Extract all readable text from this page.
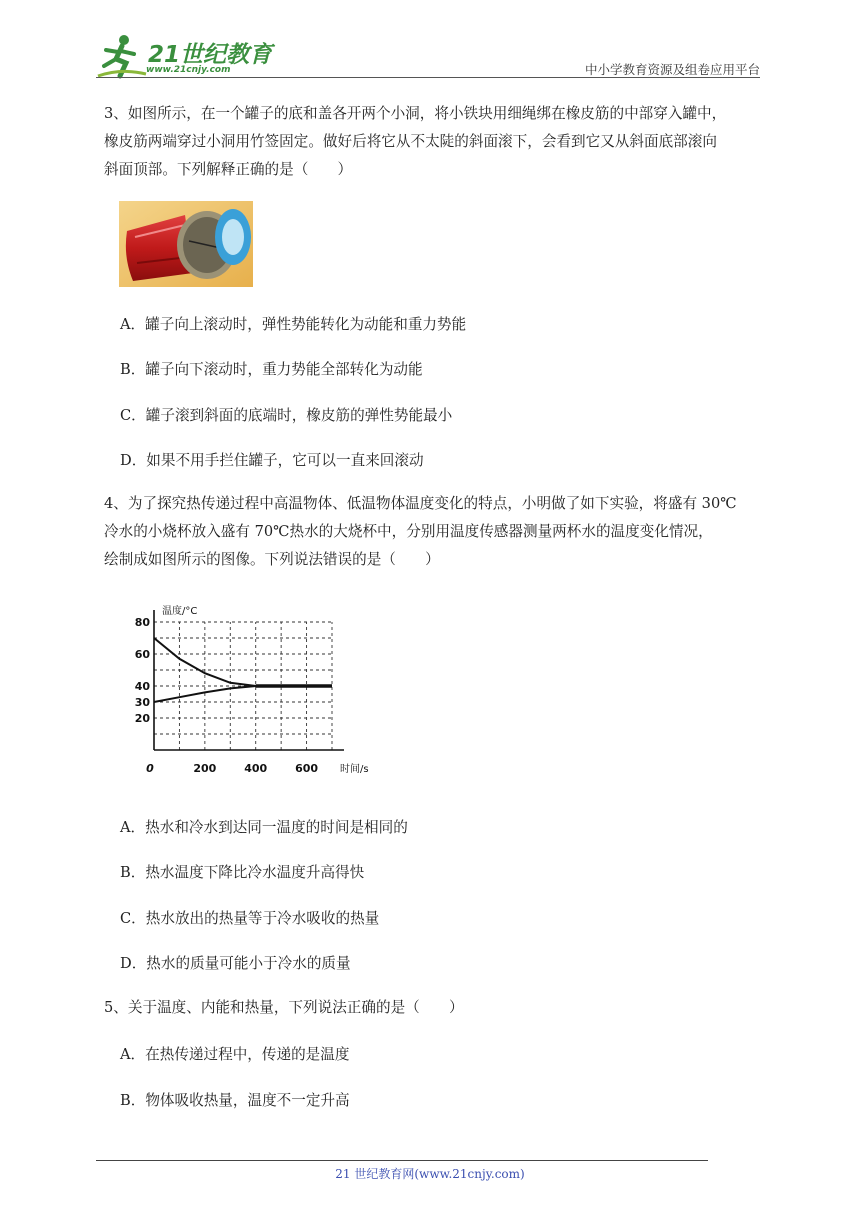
21世纪教育
www.21cnjy.com	中小学教育资源及组卷应用平台
3、如图所示，在一个罐子的底和盖各开两个小洞，将小铁块用细绳绑在橡皮筋的中部穿入罐中，
橡皮筋两端穿过小洞用竹签固定。做好后将它从不太陡的斜面滚下，会看到它又从斜面底部滚向
斜面顶部。下列解释正确的是（　　）
A．罐子向上滚动时，弹性势能转化为动能和重力势能
B．罐子向下滚动时，重力势能全部转化为动能
C．罐子滚到斜面的底端时，橡皮筋的弹性势能最小
D．如果不用手拦住罐子，它可以一直来回滚动
4、为了探究热传递过程中高温物体、低温物体温度变化的特点，小明做了如下实验，将盛有 30℃
冷水的小烧杯放入盛有 70℃热水的大烧杯中，分别用温度传感器测量两杯水的温度变化情况，
绘制成如图所示的图像。下列说法错误的是（　　）
20
30
40
60
80
0	200	400	600
温度/°C
时间/s
A．热水和冷水到达同一温度的时间是相同的
B．热水温度下降比冷水温度升高得快
C．热水放出的热量等于冷水吸收的热量
D．热水的质量可能小于冷水的质量
5、关于温度、内能和热量，下列说法正确的是（　　）
A．在热传递过程中，传递的是温度
B．物体吸收热量，温度不一定升高
21 世纪教育网(www.21cnjy.com)
